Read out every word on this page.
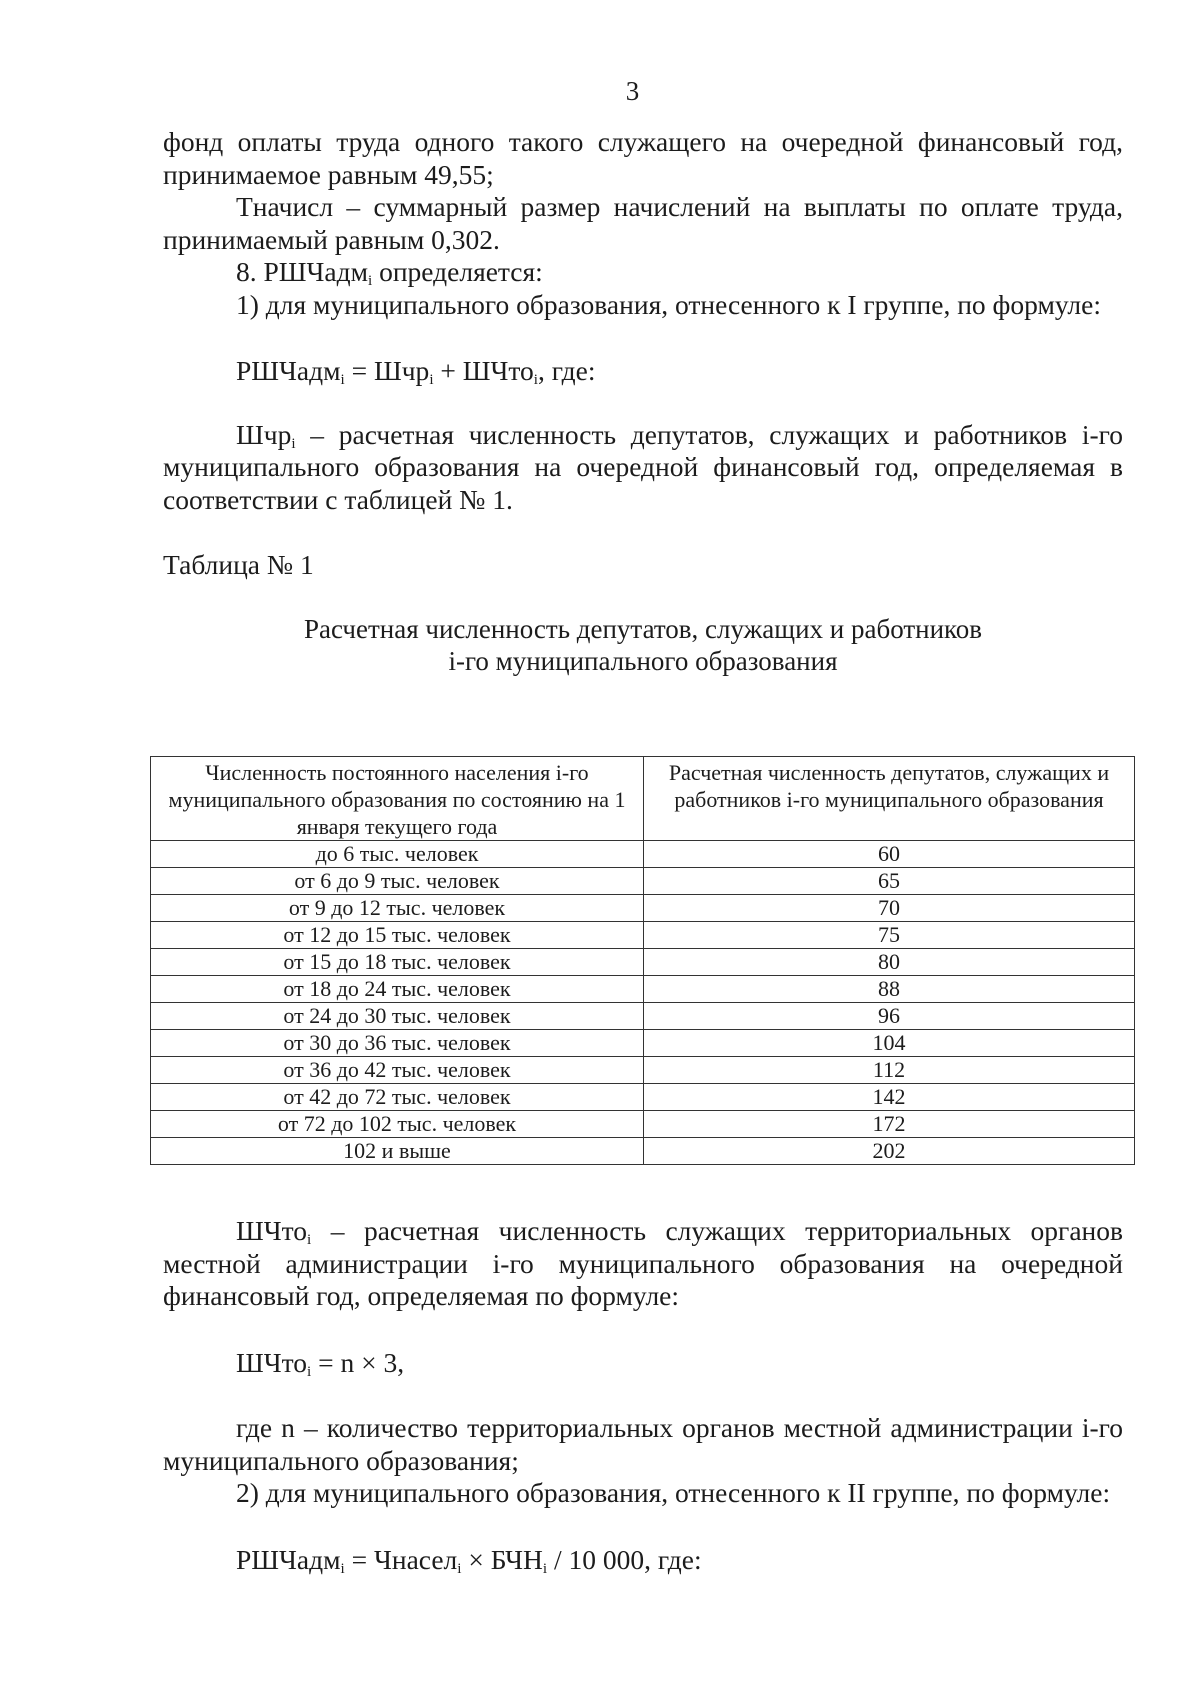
3

фонд оплаты труда одного такого служащего на очередной финансовый год, принимаемое равным 49,55;

Тначисл – суммарный размер начислений на выплаты по оплате труда, принимаемый равным 0,302.

8. РШЧадм$_i$ определяется:

1) для муниципального образования, отнесенного к I группе, по формуле:

РШЧадм$_i$ = Шчр$_i$ + ШЧто$_i$, где:

Шчр$_i$ – расчетная численность депутатов, служащих и работников i-го муниципального образования на очередной финансовый год, определяемая в соответствии с таблицей № 1.

Таблица № 1

Расчетная численность депутатов, служащих и работников
i-го муниципального образования

Численность постоянного населения i-го муниципального образования по состоянию на 1 января текущего года	Расчетная численность депутатов, служащих и работников i-го муниципального образования
до 6 тыс. человек	60
от 6 до 9 тыс. человек	65
от 9 до 12 тыс. человек	70
от 12 до 15 тыс. человек	75
от 15 до 18 тыс. человек	80
от 18 до 24 тыс. человек	88
от 24 до 30 тыс. человек	96
от 30 до 36 тыс. человек	104
от 36 до 42 тыс. человек	112
от 42 до 72 тыс. человек	142
от 72 до 102 тыс. человек	172
102 и выше	202

ШЧто$_i$ – расчетная численность служащих территориальных органов местной администрации i-го муниципального образования на очередной финансовый год, определяемая по формуле:

ШЧто$_i$ = n × 3,

где n – количество территориальных органов местной администрации i-го муниципального образования;

2) для муниципального образования, отнесенного к II группе, по формуле:

РШЧадм$_i$ = Чнасел$_i$ × $БЧН_i / 10$ 000, где:
